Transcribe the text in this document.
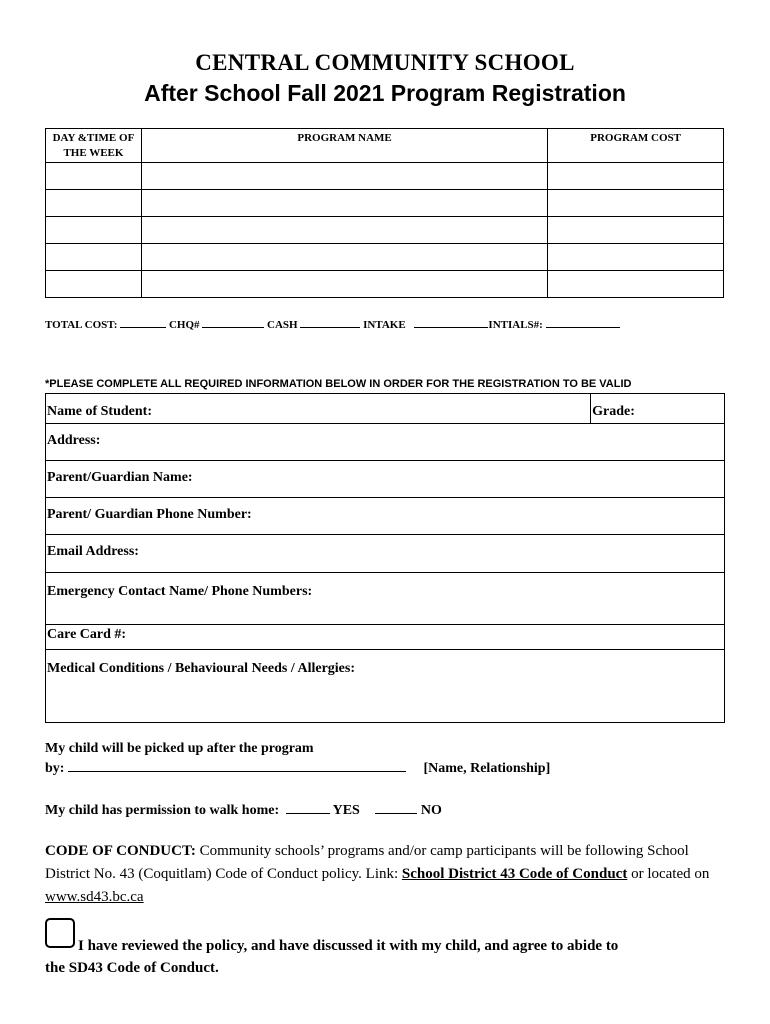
CENTRAL COMMUNITY SCHOOL
After School Fall 2021 Program Registration
DAY &TIME OF THE WEEK	PROGRAM NAME	PROGRAM COST

TOTAL COST:	CHQ#	CASH	INTAKE	INTIALS#:
*PLEASE COMPLETE ALL REQUIRED INFORMATION BELOW IN ORDER FOR THE REGISTRATION TO BE VALID
Name of Student:	Grade:
Address:
Parent/Guardian Name:
Parent/ Guardian Phone Number:
Email Address:
Emergency Contact Name/ Phone Numbers:
Care Card #:
Medical Conditions / Behavioural Needs / Allergies:
My child will be picked up after the program
by:	[Name, Relationship]
My child has permission to walk home:	YES	NO
CODE OF CONDUCT: Community schools’ programs and/or camp participants will be following School District No. 43 (Coquitlam) Code of Conduct policy. Link: School District 43 Code of Conduct or located on www.sd43.bc.ca
I have reviewed the policy, and have discussed it with my child, and agree to abide to
the SD43 Code of Conduct.
